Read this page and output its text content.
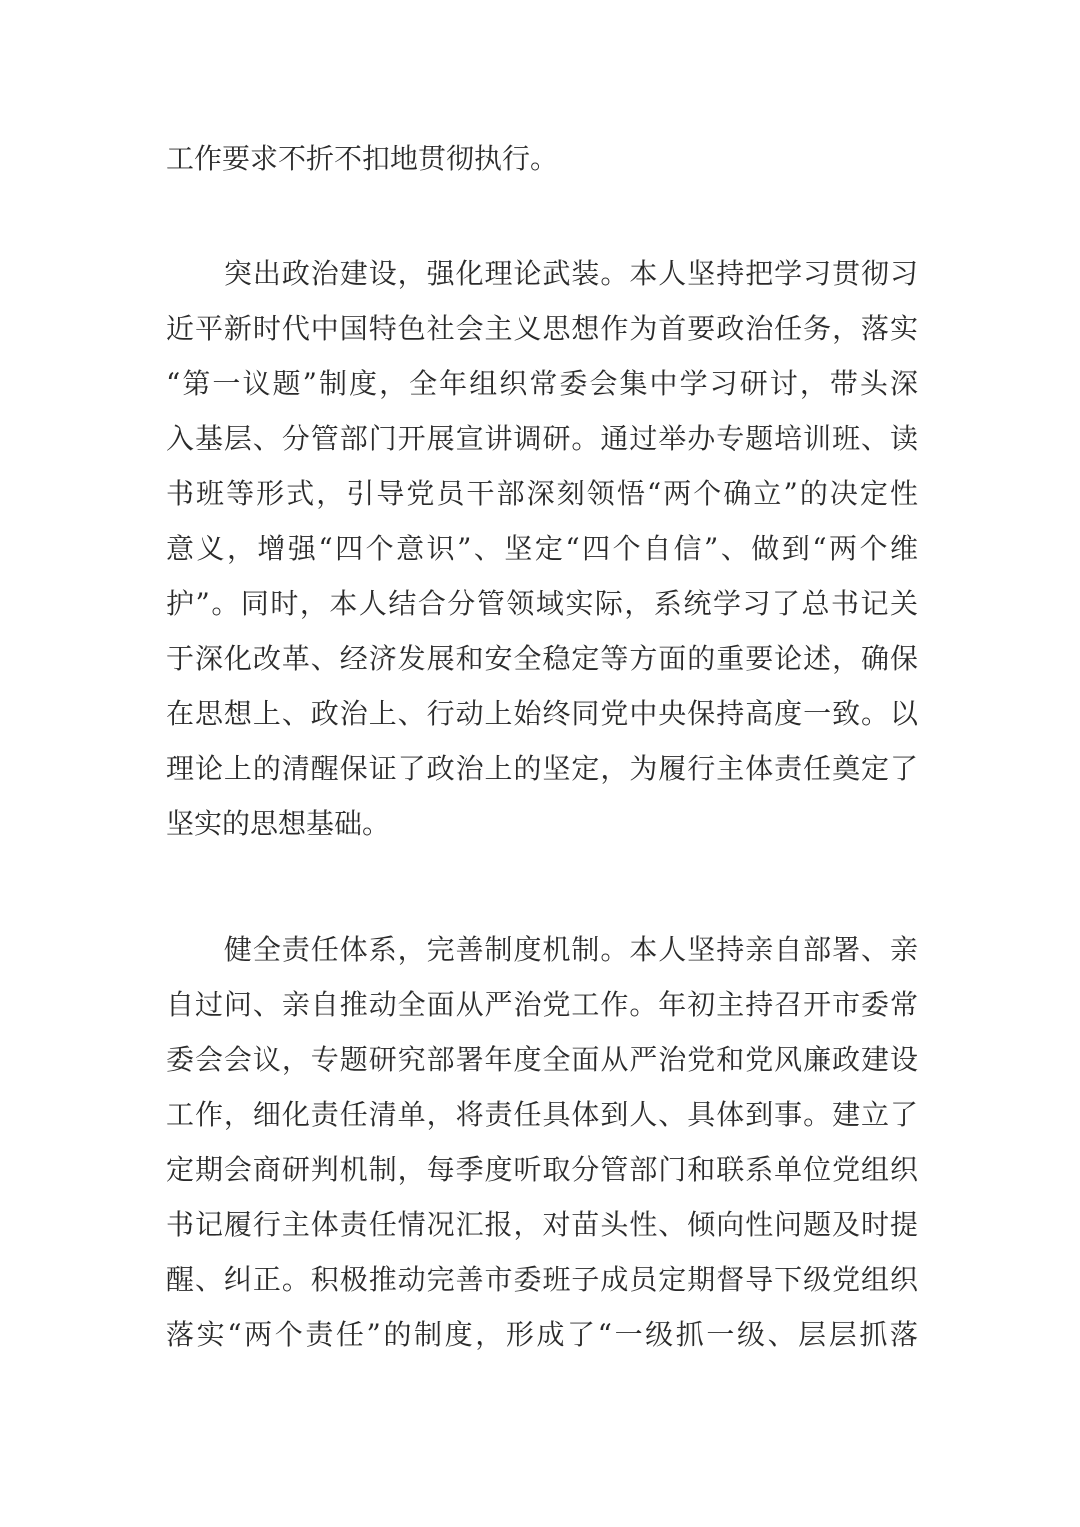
工作要求不折不扣地贯彻执行。

　　突出政治建设，强化理论武装。本人坚持把学习贯彻习
近平新时代中国特色社会主义思想作为首要政治任务，落实
“第一议题”制度，全年组织常委会集中学习研讨，带头深
入基层、分管部门开展宣讲调研。通过举办专题培训班、读
书班等形式，引导党员干部深刻领悟“两个确立”的决定性
意义，增强“四个意识”、坚定“四个自信”、做到“两个维
护”。同时，本人结合分管领域实际，系统学习了总书记关
于深化改革、经济发展和安全稳定等方面的重要论述，确保
在思想上、政治上、行动上始终同党中央保持高度一致。以
理论上的清醒保证了政治上的坚定，为履行主体责任奠定了
坚实的思想基础。

　　健全责任体系，完善制度机制。本人坚持亲自部署、亲
自过问、亲自推动全面从严治党工作。年初主持召开市委常
委会会议，专题研究部署年度全面从严治党和党风廉政建设
工作，细化责任清单，将责任具体到人、具体到事。建立了
定期会商研判机制，每季度听取分管部门和联系单位党组织
书记履行主体责任情况汇报，对苗头性、倾向性问题及时提
醒、纠正。积极推动完善市委班子成员定期督导下级党组织
落实“两个责任”的制度，形成了“一级抓一级、层层抓落
